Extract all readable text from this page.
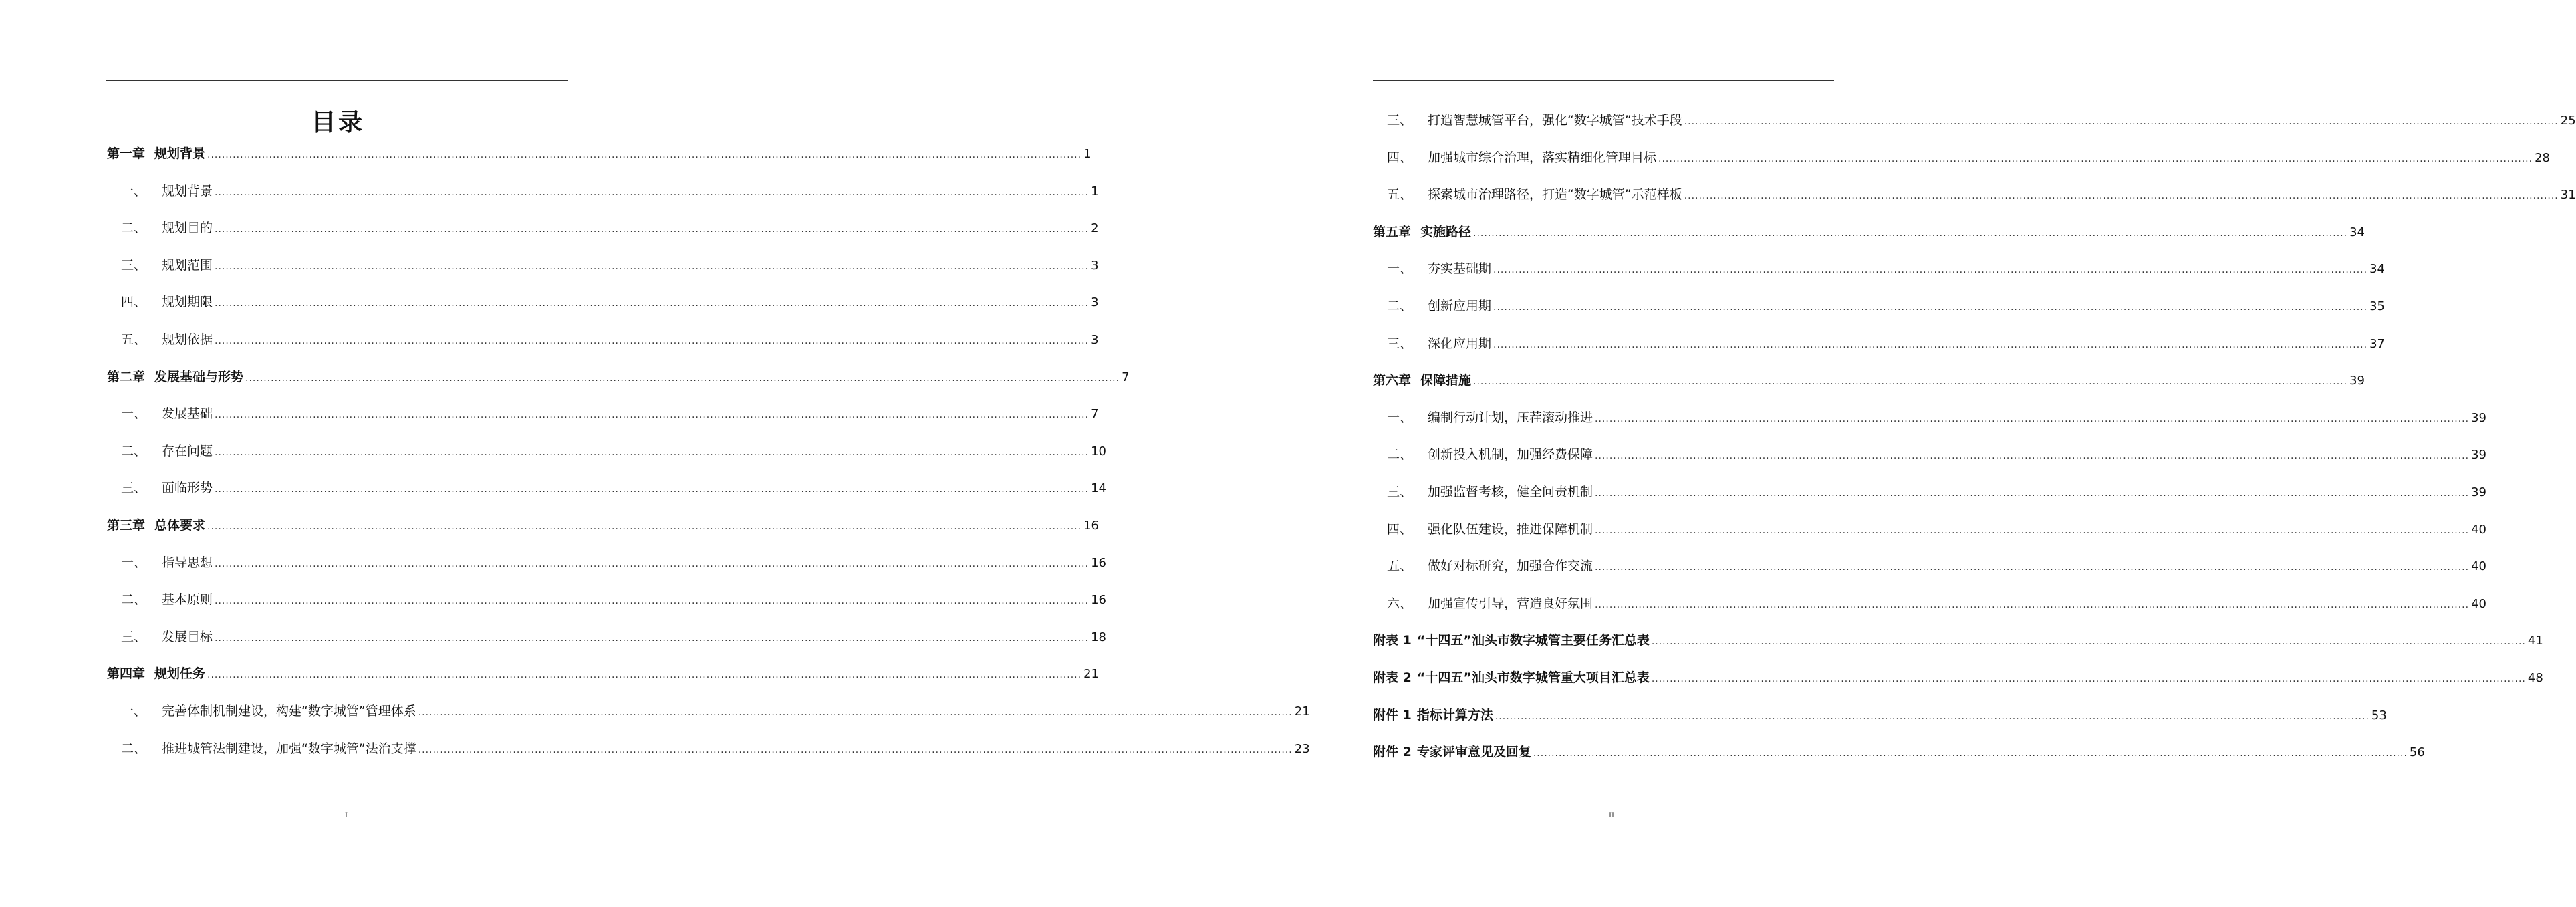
目录
第一章 规划背景 .....	1
一、	规划背景 .....	1
二、	规划目的 .....	2
三、	规划范围 .....	3
四、	规划期限 .....	3
五、	规划依据 .....	3
第二章 发展基础与形势 .....	7
一、	发展基础 .....	7
二、	存在问题 .....	10
三、	面临形势 .....	14
第三章 总体要求 .....	16
一、	指导思想 .....	16
二、	基本原则 .....	16
三、	发展目标 .....	18
第四章 规划任务 .....	21
一、	完善体制机制建设，构建“数字城管”管理体系 .....	21
二、	推进城管法制建设，加强“数字城管”法治支撑 .....	23
I
三、	打造智慧城管平台，强化“数字城管”技术手段 .....	25
四、	加强城市综合治理，落实精细化管理目标 .....	28
五、	探索城市治理路径，打造“数字城管”示范样板 .....	31
第五章 实施路径 .....	34
一、	夯实基础期 .....	34
二、	创新应用期 .....	35
三、	深化应用期 .....	37
第六章 保障措施 .....	39
一、	编制行动计划，压茬滚动推进 .....	39
二、	创新投入机制，加强经费保障 .....	39
三、	加强监督考核，健全问责机制 .....	39
四、	强化队伍建设，推进保障机制 .....	40
五、	做好对标研究，加强合作交流 .....	40
六、	加强宣传引导，营造良好氛围 .....	40
附表 1 “十四五”汕头市数字城管主要任务汇总表 .....	41
附表 2 “十四五”汕头市数字城管重大项目汇总表 .....	48
附件 1 指标计算方法 .....	53
附件 2 专家评审意见及回复 .....	56
II
